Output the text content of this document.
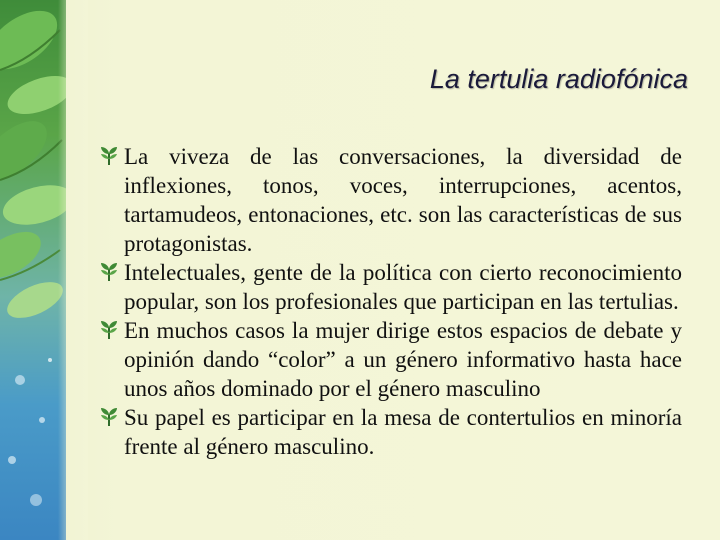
La tertulia radiofónica

La viveza de las conversaciones, la diversidad de inflexiones, tonos, voces, interrupciones, acentos, tartamudeos, entonaciones, etc. son las características de sus protagonistas.

Intelectuales, gente de la política con cierto reconocimiento popular, son los profesionales que participan en las tertulias.

En muchos casos la mujer dirige estos espacios de debate y opinión dando “color” a un género informativo hasta hace unos años dominado por el género masculino

Su papel es participar en la mesa de contertulios en minoría frente al género masculino.
